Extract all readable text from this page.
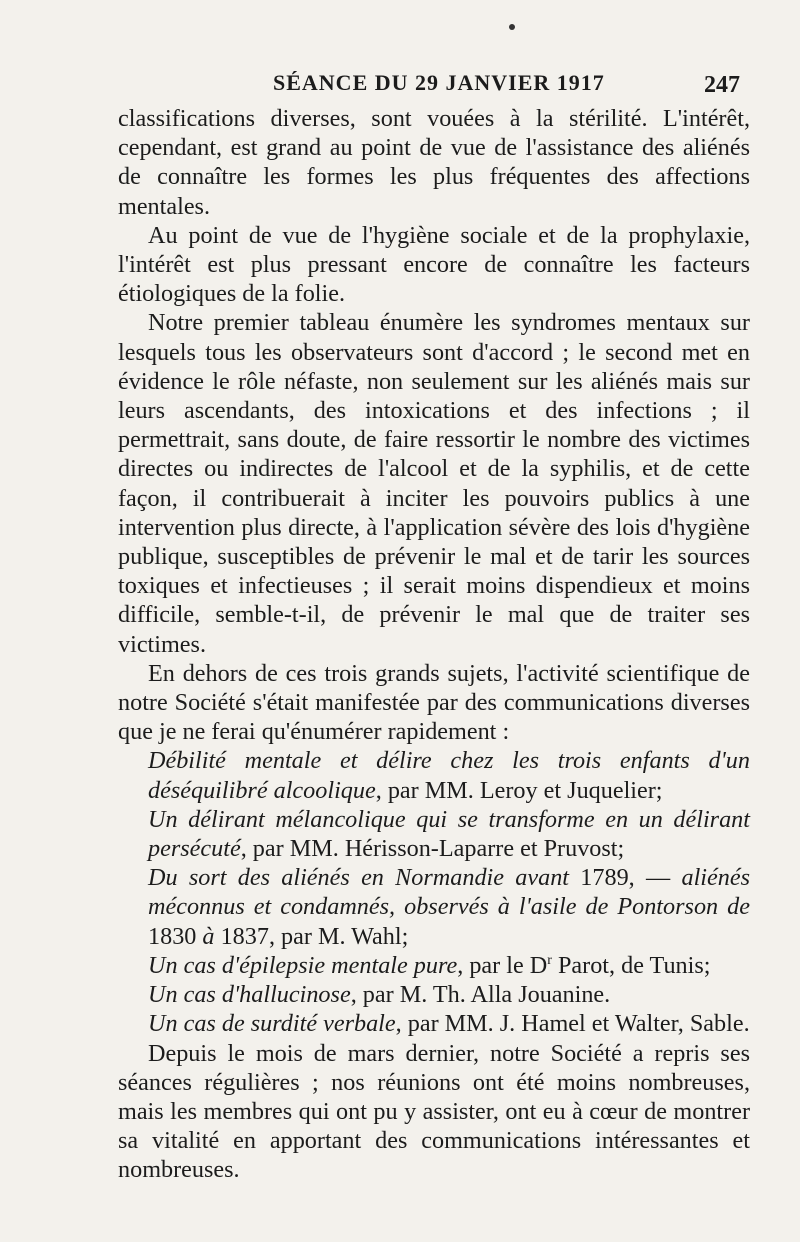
SÉANCE DU 29 JANVIER 1917	247

classifications diverses, sont vouées à la stérilité. L'intérêt, cependant, est grand au point de vue de l'assistance des aliénés de connaître les formes les plus fréquentes des affections mentales.

Au point de vue de l'hygiène sociale et de la prophylaxie, l'intérêt est plus pressant encore de connaître les facteurs étiologiques de la folie.

Notre premier tableau énumère les syndromes mentaux sur lesquels tous les observateurs sont d'accord ; le second met en évidence le rôle néfaste, non seulement sur les aliénés mais sur leurs ascendants, des intoxications et des infections ; il permettrait, sans doute, de faire ressortir le nombre des victimes directes ou indirectes de l'alcool et de la syphilis, et de cette façon, il contribuerait à inciter les pouvoirs publics à une intervention plus directe, à l'application sévère des lois d'hygiène publique, susceptibles de prévenir le mal et de tarir les sources toxiques et infectieuses ; il serait moins dispendieux et moins difficile, semble-t-il, de prévenir le mal que de traiter ses victimes.

En dehors de ces trois grands sujets, l'activité scientifique de notre Société s'était manifestée par des communications diverses que je ne ferai qu'énumérer rapidement :

Débilité mentale et délire chez les trois enfants d'un déséquilibré alcoolique, par MM. Leroy et Juquelier;

Un délirant mélancolique qui se transforme en un délirant persécuté, par MM. Hérisson-Laparre et Pruvost;

Du sort des aliénés en Normandie avant 1789, — aliénés méconnus et condamnés, observés à l'asile de Pontorson de 1830 à 1837, par M. Wahl;

Un cas d'épilepsie mentale pure, par le $D^r$ Parot, de Tunis;

Un cas d'hallucinose, par M. Th. Alla Jouanine.

Un cas de surdité verbale, par MM. J. Hamel et Walter, Sable.

Depuis le mois de mars dernier, notre Société a repris ses séances régulières ; nos réunions ont été moins nombreuses, mais les membres qui ont pu y assister, ont eu à cœur de montrer sa vitalité en apportant des communications intéressantes et nombreuses.
